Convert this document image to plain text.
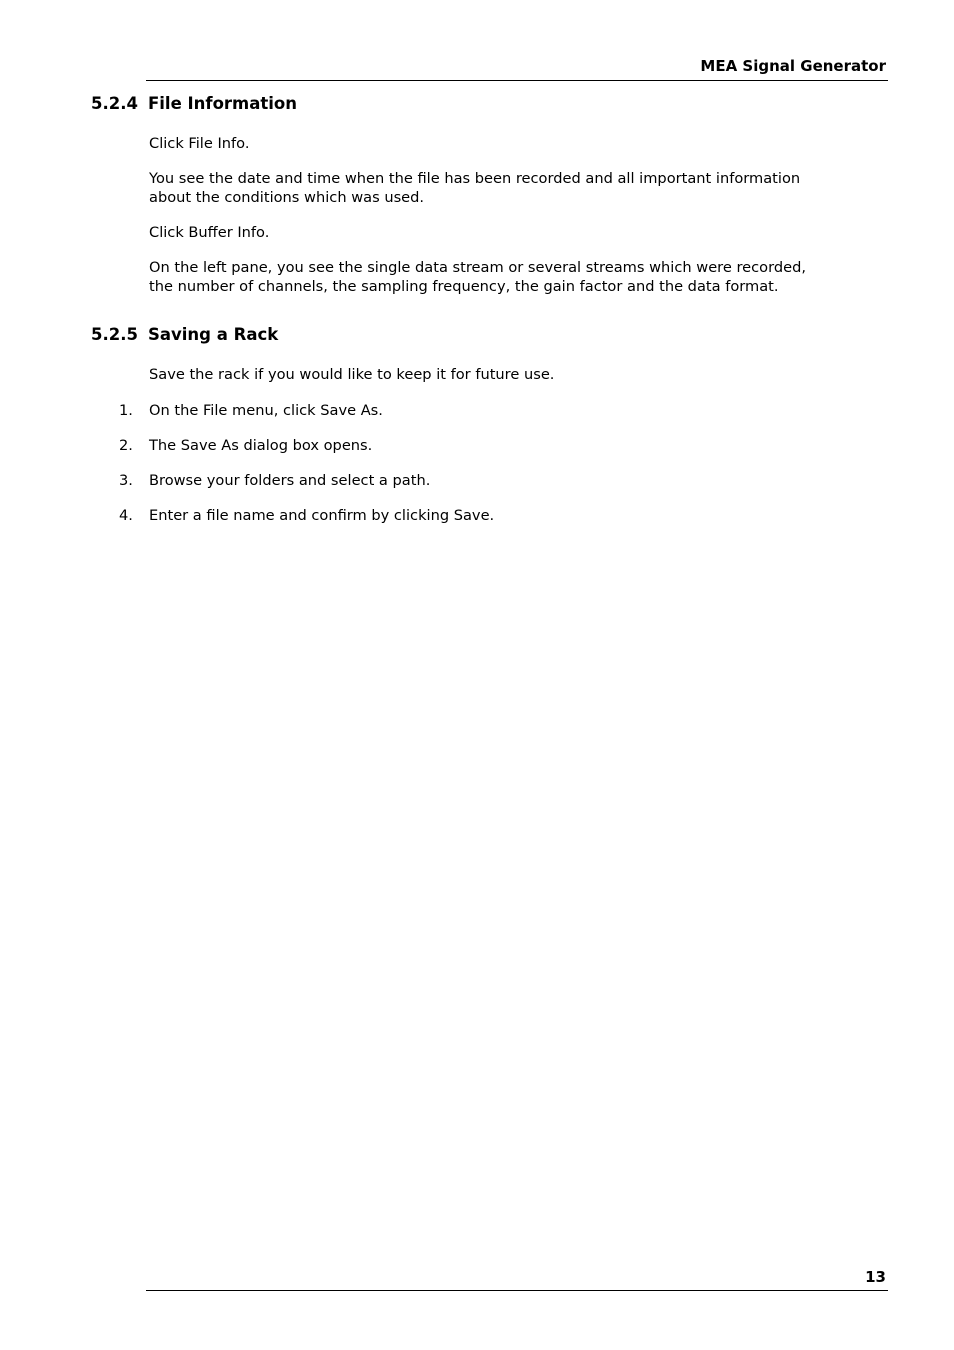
MEA Signal Generator
5.2.4 File Information
Click File Info.
You see the date and time when the file has been recorded and all important information
about the conditions which was used.
Click Buffer Info.
On the left pane, you see the single data stream or several streams which were recorded,
the number of channels, the sampling frequency, the gain factor and the data format.
5.2.5 Saving a Rack
Save the rack if you would like to keep it for future use.
1. On the File menu, click Save As.
2. The Save As dialog box opens.
3. Browse your folders and select a path.
4. Enter a file name and confirm by clicking Save.
13
